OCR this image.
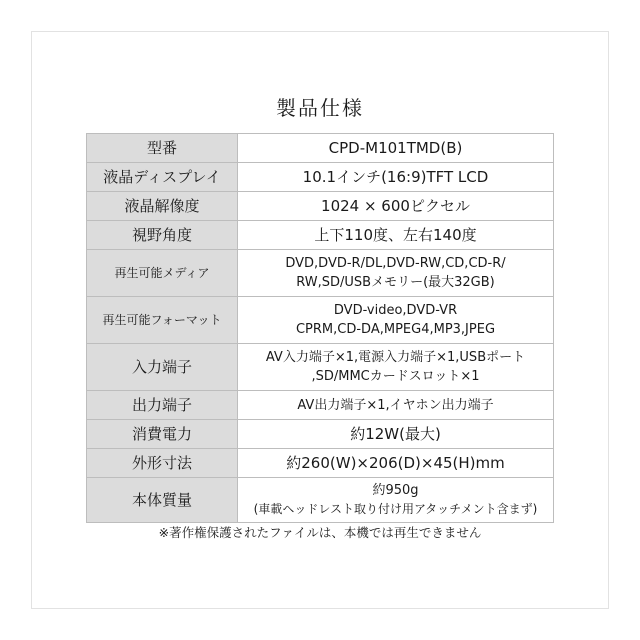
製品仕様
型番	CPD-M101TMD(B)

液晶ディスプレイ	10.1インチ(16:9)TFT LCD

液晶解像度	1024 × 600ピクセル

視野角度	上下110度、左右140度

再生可能メディア	DVD,DVD-R/DL,DVD-RW,CD,CD-R/
RW,SD/USBメモリー(最大32GB)

再生可能フォーマット	DVD-video,DVD-VR
CPRM,CD-DA,MPEG4,MP3,JPEG

入力端子	AV入力端子×1,電源入力端子×1,USBポート
,SD/MMCカードスロット×1

出力端子	AV出力端子×1,イヤホン出力端子

消費電力	約12W(最大)

外形寸法	約260(W)×206(D)×45(H)mm

本体質量	約950g
(車載ヘッドレスト取り付け用アタッチメント含まず)
※著作権保護されたファイルは、本機では再生できません
